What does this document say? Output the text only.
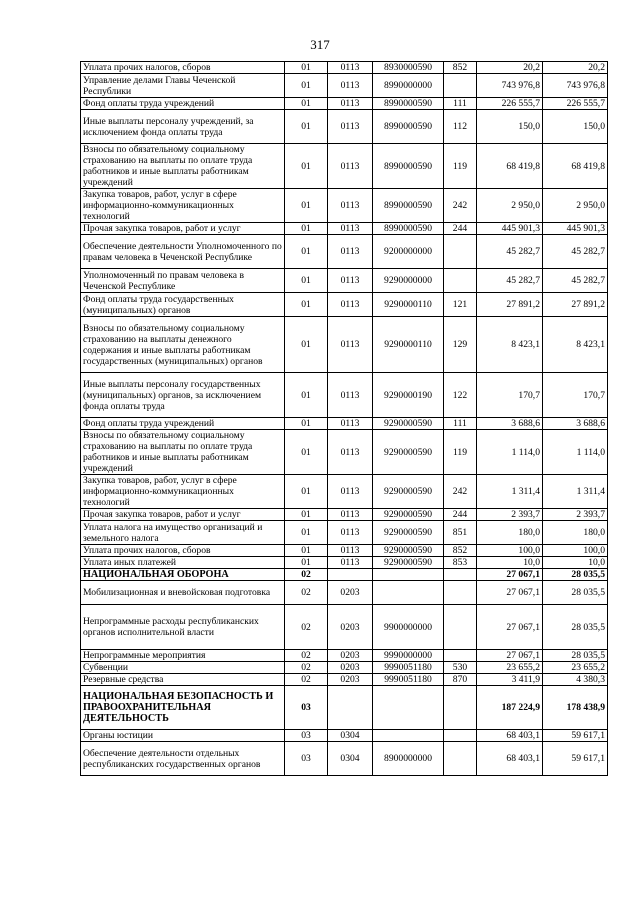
317
Уплата прочих налогов, сборов	01	0113	8930000590	852	20,2	20,2
Управление делами Главы Чеченской Республики	01	0113	8990000000		743 976,8	743 976,8
Фонд оплаты труда учреждений	01	0113	8990000590	111	226 555,7	226 555,7
Иные выплаты персоналу учреждений, за исключением фонда оплаты труда	01	0113	8990000590	112	150,0	150,0
Взносы по обязательному социальному страхованию на выплаты по оплате труда работников и иные выплаты работникам учреждений	01	0113	8990000590	119	68 419,8	68 419,8
Закупка товаров, работ, услуг в сфере информационно-коммуникационных технологий	01	0113	8990000590	242	2 950,0	2 950,0
Прочая закупка товаров, работ и услуг	01	0113	8990000590	244	445 901,3	445 901,3
Обеспечение деятельности Уполномоченного по правам человека в Чеченской Республике	01	0113	9200000000		45 282,7	45 282,7
Уполномоченный по правам человека в Чеченской Республике	01	0113	9290000000		45 282,7	45 282,7
Фонд оплаты труда государственных (муниципальных) органов	01	0113	9290000110	121	27 891,2	27 891,2
Взносы по обязательному социальному страхованию на выплаты денежного содержания и иные выплаты работникам государственных (муниципальных) органов	01	0113	9290000110	129	8 423,1	8 423,1
Иные выплаты персоналу государственных (муниципальных) органов, за исключением фонда оплаты труда	01	0113	9290000190	122	170,7	170,7
Фонд оплаты труда учреждений	01	0113	9290000590	111	3 688,6	3 688,6
Взносы по обязательному социальному страхованию на выплаты по оплате труда работников и иные выплаты работникам учреждений	01	0113	9290000590	119	1 114,0	1 114,0
Закупка товаров, работ, услуг в сфере информационно-коммуникационных технологий	01	0113	9290000590	242	1 311,4	1 311,4
Прочая закупка товаров, работ и услуг	01	0113	9290000590	244	2 393,7	2 393,7
Уплата налога на имущество организаций и земельного налога	01	0113	9290000590	851	180,0	180,0
Уплата прочих налогов, сборов	01	0113	9290000590	852	100,0	100,0
Уплата иных платежей	01	0113	9290000590	853	10,0	10,0
НАЦИОНАЛЬНАЯ ОБОРОНА	02				27 067,1	28 035,5
Мобилизационная и вневойсковая подготовка	02	0203			27 067,1	28 035,5
Непрограммные расходы республиканских органов исполнительной власти	02	0203	9900000000		27 067,1	28 035,5
Непрограммные мероприятия	02	0203	9990000000		27 067,1	28 035,5
Субвенции	02	0203	9990051180	530	23 655,2	23 655,2
Резервные средства	02	0203	9990051180	870	3 411,9	4 380,3
НАЦИОНАЛЬНАЯ БЕЗОПАСНОСТЬ И ПРАВООХРАНИТЕЛЬНАЯ ДЕЯТЕЛЬНОСТЬ	03				187 224,9	178 438,9
Органы юстиции	03	0304			68 403,1	59 617,1
Обеспечение деятельности отдельных республиканских государственных органов	03	0304	8900000000		68 403,1	59 617,1
